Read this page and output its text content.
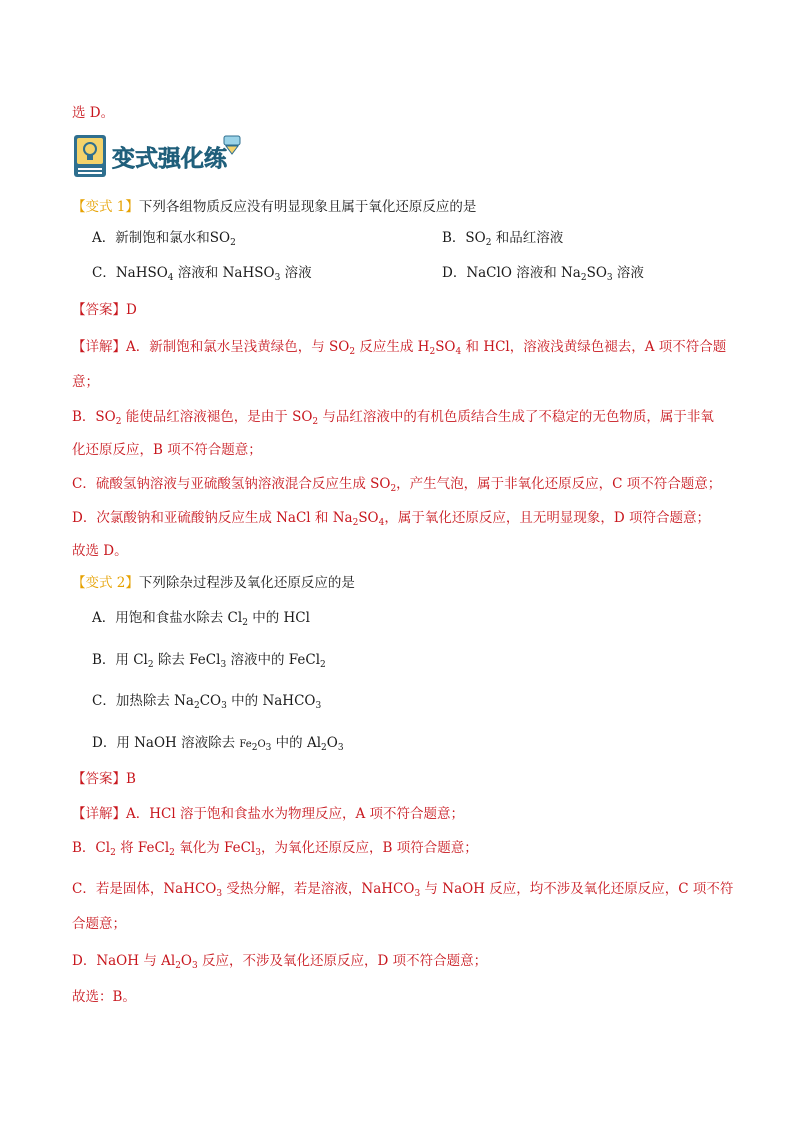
选 D。
变式强化练
【变式 1】下列各组物质反应没有明显现象且属于氧化还原反应的是
A．新制饱和氯水和$SO_2$	B．$SO_2$ 和品红溶液
C．NaHSO$_4$ 溶液和 NaHSO$_3$ 溶液	D．NaClO 溶液和 $Na_2SO_3$ 溶液
【答案】D
【详解】A．新制饱和氯水呈浅黄绿色，与 $SO_2$ 反应生成 $H_2SO_4$ 和 HCl，溶液浅黄绿色褪去，A 项不符合题
意；
B．$SO_2$ 能使品红溶液褪色，是由于 $SO_2$ 与品红溶液中的有机色质结合生成了不稳定的无色物质，属于非氧
化还原反应，B 项不符合题意；
C．硫酸氢钠溶液与亚硫酸氢钠溶液混合反应生成 $SO_2$，产生气泡，属于非氧化还原反应，C 项不符合题意；
D．次氯酸钠和亚硫酸钠反应生成 NaCl 和 $Na_2SO_4$，属于氧化还原反应，且无明显现象，D 项符合题意；
故选 D。
【变式 2】下列除杂过程涉及氧化还原反应的是
A．用饱和食盐水除去 $Cl_2$ 中的 HCl
B．用 $Cl_2$ 除去 FeCl$_3$ 溶液中的 FeCl$_2$
C．加热除去 $Na_2CO_3$ 中的 NaHCO$_3$
D．用 NaOH 溶液除去 $Fe_2O_3$ 中的 $Al_2O_3$
【答案】B
【详解】A．HCl 溶于饱和食盐水为物理反应，A 项不符合题意；
B．$Cl_2$ 将 FeCl$_2$ 氧化为 FeCl$_3$，为氧化还原反应，B 项符合题意；
C．若是固体，NaHCO$_3$ 受热分解，若是溶液，NaHCO$_3$ 与 NaOH 反应，均不涉及氧化还原反应，C 项不符
合题意；
D．NaOH 与 $Al_2O_3$ 反应，不涉及氧化还原反应，D 项不符合题意；
故选：B。
